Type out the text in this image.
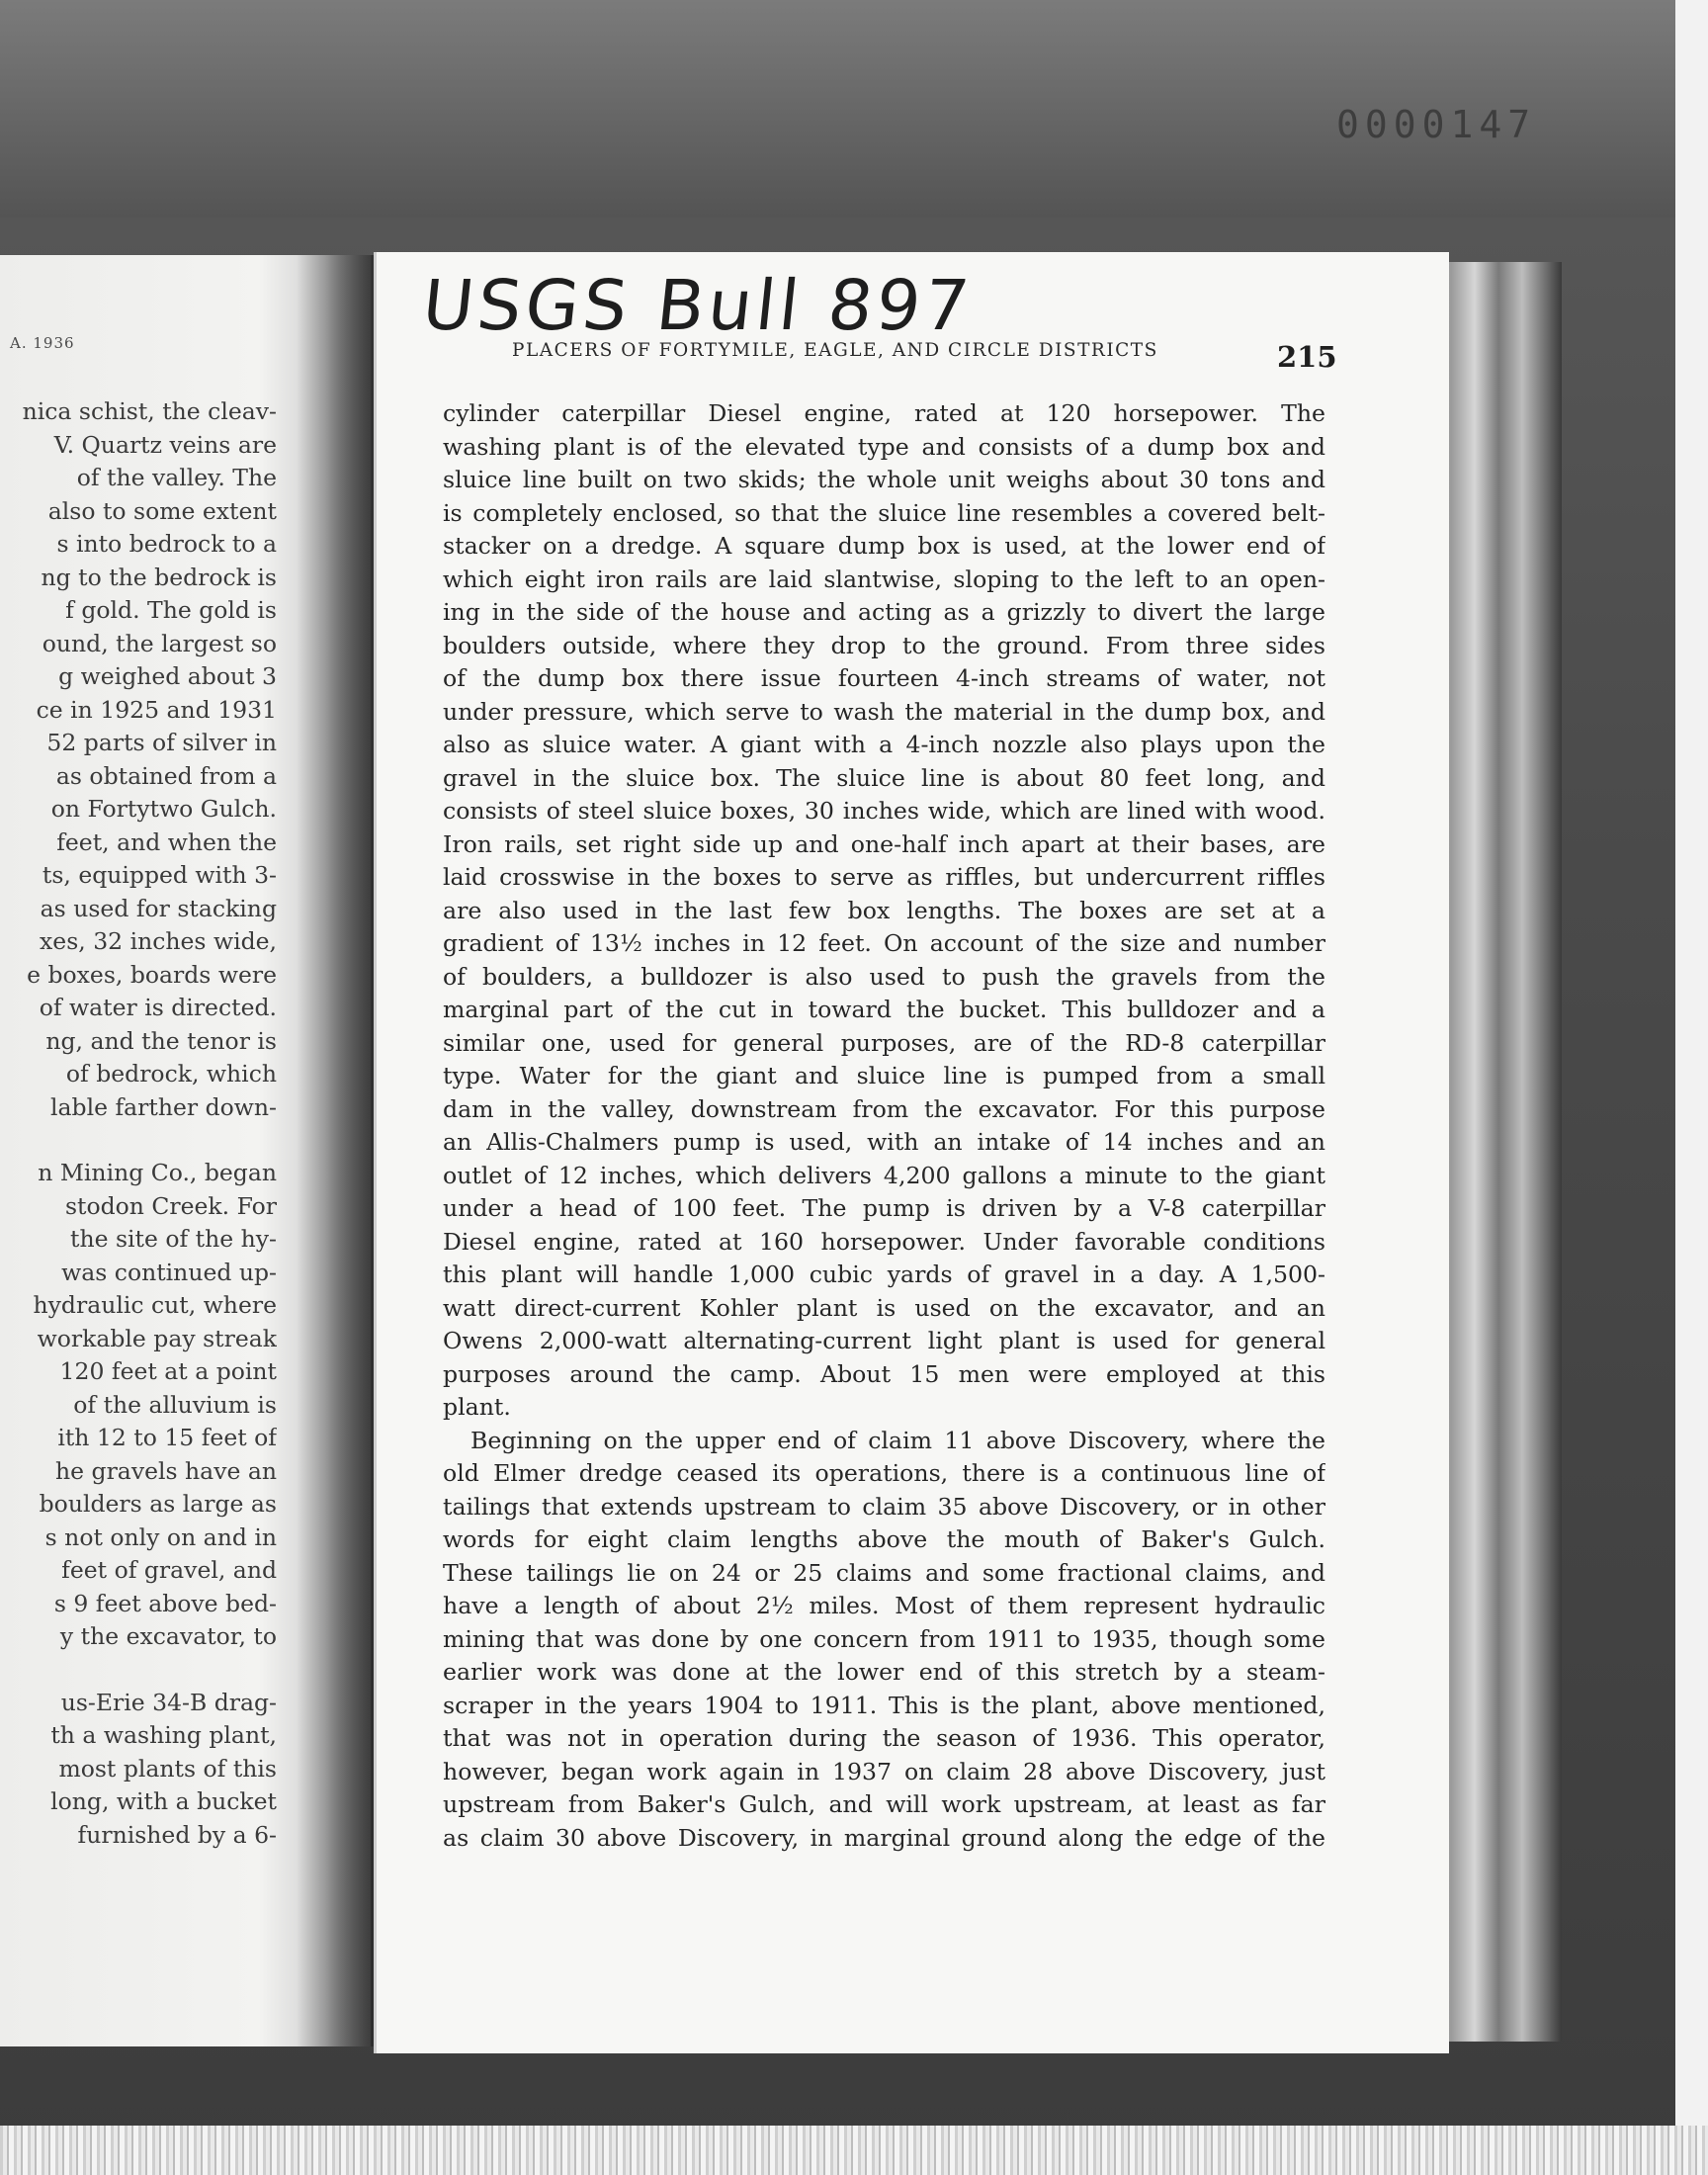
0000147
A. 1936
nica schist, the cleav-
V. Quartz veins are
of the valley. The
also to some extent
s into bedrock to a
ng to the bedrock is
f gold. The gold is
ound, the largest so
g weighed about 3
ce in 1925 and 1931
52 parts of silver in
as obtained from a
on Fortytwo Gulch.
feet, and when the
ts, equipped with 3-
as used for stacking
xes, 32 inches wide,
e boxes, boards were
of water is directed.
ng, and the tenor is
of bedrock, which
lable farther down-
n Mining Co., began
stodon Creek. For
the site of the hy-
was continued up-
hydraulic cut, where
workable pay streak
120 feet at a point
of the alluvium is
ith 12 to 15 feet of
he gravels have an
boulders as large as
s not only on and in
feet of gravel, and
s 9 feet above bed-
y the excavator, to
us-Erie 34-B drag-
th a washing plant,
most plants of this
long, with a bucket
furnished by a 6-
USGS Bull 897
PLACERS OF FORTYMILE, EAGLE, AND CIRCLE DISTRICTS	215
cylinder caterpillar Diesel engine, rated at 120 horsepower. The
washing plant is of the elevated type and consists of a dump box and
sluice line built on two skids; the whole unit weighs about 30 tons and
is completely enclosed, so that the sluice line resembles a covered belt-
stacker on a dredge. A square dump box is used, at the lower end of
which eight iron rails are laid slantwise, sloping to the left to an open-
ing in the side of the house and acting as a grizzly to divert the large
boulders outside, where they drop to the ground. From three sides
of the dump box there issue fourteen 4-inch streams of water, not
under pressure, which serve to wash the material in the dump box, and
also as sluice water. A giant with a 4-inch nozzle also plays upon the
gravel in the sluice box. The sluice line is about 80 feet long, and
consists of steel sluice boxes, 30 inches wide, which are lined with wood.
Iron rails, set right side up and one-half inch apart at their bases, are
laid crosswise in the boxes to serve as riffles, but undercurrent riffles
are also used in the last few box lengths. The boxes are set at a
gradient of 13½ inches in 12 feet. On account of the size and number
of boulders, a bulldozer is also used to push the gravels from the
marginal part of the cut in toward the bucket. This bulldozer and a
similar one, used for general purposes, are of the RD-8 caterpillar
type. Water for the giant and sluice line is pumped from a small
dam in the valley, downstream from the excavator. For this purpose
an Allis-Chalmers pump is used, with an intake of 14 inches and an
outlet of 12 inches, which delivers 4,200 gallons a minute to the giant
under a head of 100 feet. The pump is driven by a V-8 caterpillar
Diesel engine, rated at 160 horsepower. Under favorable conditions
this plant will handle 1,000 cubic yards of gravel in a day. A 1,500-
watt direct-current Kohler plant is used on the excavator, and an
Owens 2,000-watt alternating-current light plant is used for general
purposes around the camp. About 15 men were employed at this
plant.
Beginning on the upper end of claim 11 above Discovery, where the
old Elmer dredge ceased its operations, there is a continuous line of
tailings that extends upstream to claim 35 above Discovery, or in other
words for eight claim lengths above the mouth of Baker's Gulch.
These tailings lie on 24 or 25 claims and some fractional claims, and
have a length of about 2½ miles. Most of them represent hydraulic
mining that was done by one concern from 1911 to 1935, though some
earlier work was done at the lower end of this stretch by a steam-
scraper in the years 1904 to 1911. This is the plant, above mentioned,
that was not in operation during the season of 1936. This operator,
however, began work again in 1937 on claim 28 above Discovery, just
upstream from Baker's Gulch, and will work upstream, at least as far
as claim 30 above Discovery, in marginal ground along the edge of the
